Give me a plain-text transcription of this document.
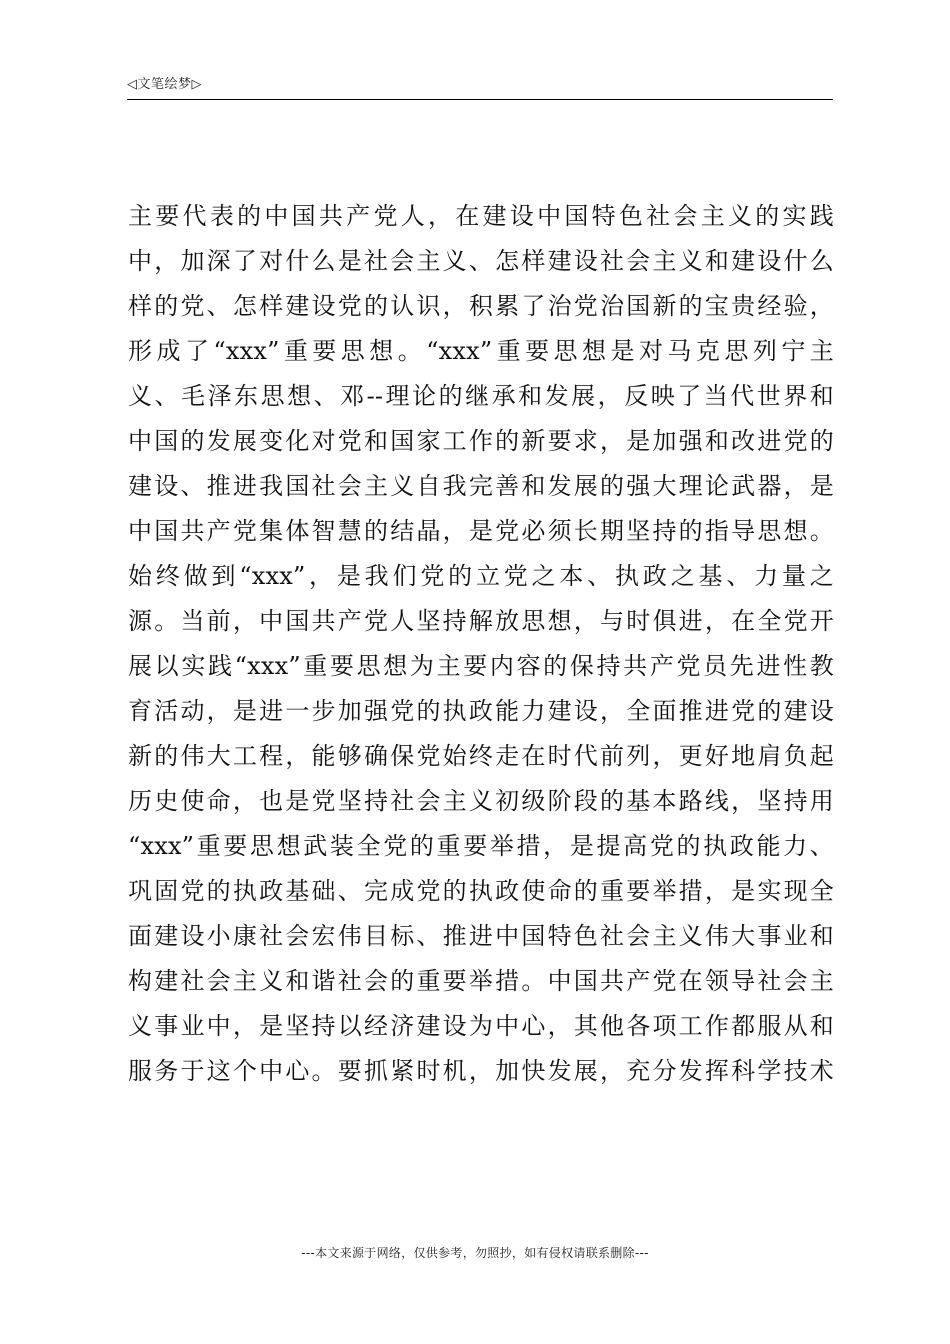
◁文笔绘梦▷
主要代表的中国共产党人，在建设中国特色社会主义的实践
中，加深了对什么是社会主义、怎样建设社会主义和建设什么
样的党、怎样建设党的认识，积累了治党治国新的宝贵经验，
形成了“xxx”重要思想。“xxx”重要思想是对马克思列宁主
义、毛泽东思想、邓--理论的继承和发展，反映了当代世界和
中国的发展变化对党和国家工作的新要求，是加强和改进党的
建设、推进我国社会主义自我完善和发展的强大理论武器，是
中国共产党集体智慧的结晶，是党必须长期坚持的指导思想。
始终做到“xxx”，是我们党的立党之本、执政之基、力量之
源。当前，中国共产党人坚持解放思想，与时俱进，在全党开
展以实践“xxx”重要思想为主要内容的保持共产党员先进性教
育活动，是进一步加强党的执政能力建设，全面推进党的建设
新的伟大工程，能够确保党始终走在时代前列，更好地肩负起
历史使命，也是党坚持社会主义初级阶段的基本路线，坚持用
“xxx”重要思想武装全党的重要举措，是提高党的执政能力、
巩固党的执政基础、完成党的执政使命的重要举措，是实现全
面建设小康社会宏伟目标、推进中国特色社会主义伟大事业和
构建社会主义和谐社会的重要举措。中国共产党在领导社会主
义事业中，是坚持以经济建设为中心，其他各项工作都服从和
服务于这个中心。要抓紧时机，加快发展，充分发挥科学技术
---本文来源于网络，仅供参考，勿照抄，如有侵权请联系删除---
